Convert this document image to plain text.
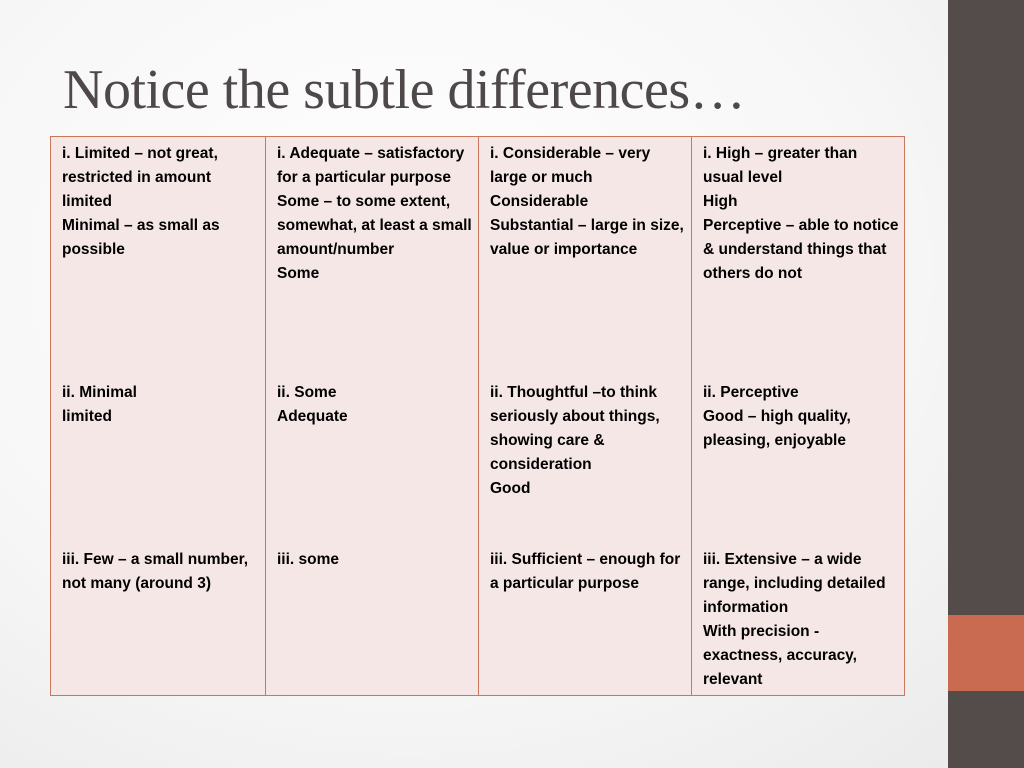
Notice the subtle differences…

i. Limited – not great, restricted in amount
limited
Minimal – as small as possible

ii. Minimal
limited

iii. Few – a small number, not many (around 3)

i. Adequate – satisfactory for a particular purpose
Some – to some extent, somewhat, at least a small amount/number
Some

ii. Some
Adequate

iii. some

i. Considerable – very large or much
Considerable
Substantial – large in size, value or importance

ii. Thoughtful –to think seriously about things, showing care & consideration
Good

iii. Sufficient – enough for a particular purpose

i. High – greater than usual level
High
Perceptive – able to notice & understand things that others do not

ii. Perceptive
Good – high quality, pleasing, enjoyable

iii. Extensive – a wide range, including detailed information
With precision - exactness, accuracy, relevant
